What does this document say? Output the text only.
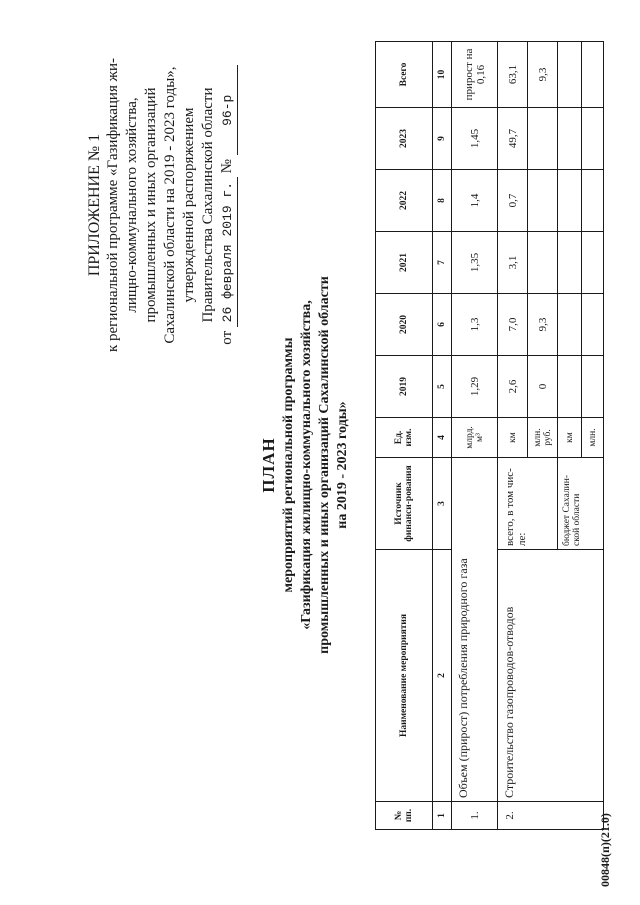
ПРИЛОЖЕНИЕ № 1 к региональной программе «Газификация жи- лищно-коммунального хозяйства, промышленных и иных организаций Сахалинской области на 2019 - 2023 годы», утвержденной распоряжением Правительства Сахалинской области
от 26 февраля 2019 г. № 96-р
ПЛАН мероприятий региональной программы «Газификация жилищно-коммунального хозяйства, промышленных и иных организаций Сахалинской области на 2019 - 2023 годы»
№ пп.	Наименование мероприятия	Источник финанси-рования	Ед. изм.	2019	2020	2021	2022	2023	Всего
1	2	3	4	5	6	7	8	9	10
1.	Объем (прирост) потребления природного газа		млрд. м³	1,29	1,3	1,35	1,4	1,45	прирост на 0,16
2.	Строительство газопроводов-отводов	всего, в том чис-ле:	км	2,6	7,0	3,1	0,7	49,7	63,1
			млн. руб.	0	9,3				9,3
		бюджет Сахалин-ской области	км						
			млн.						
00848(п)(21.0)
